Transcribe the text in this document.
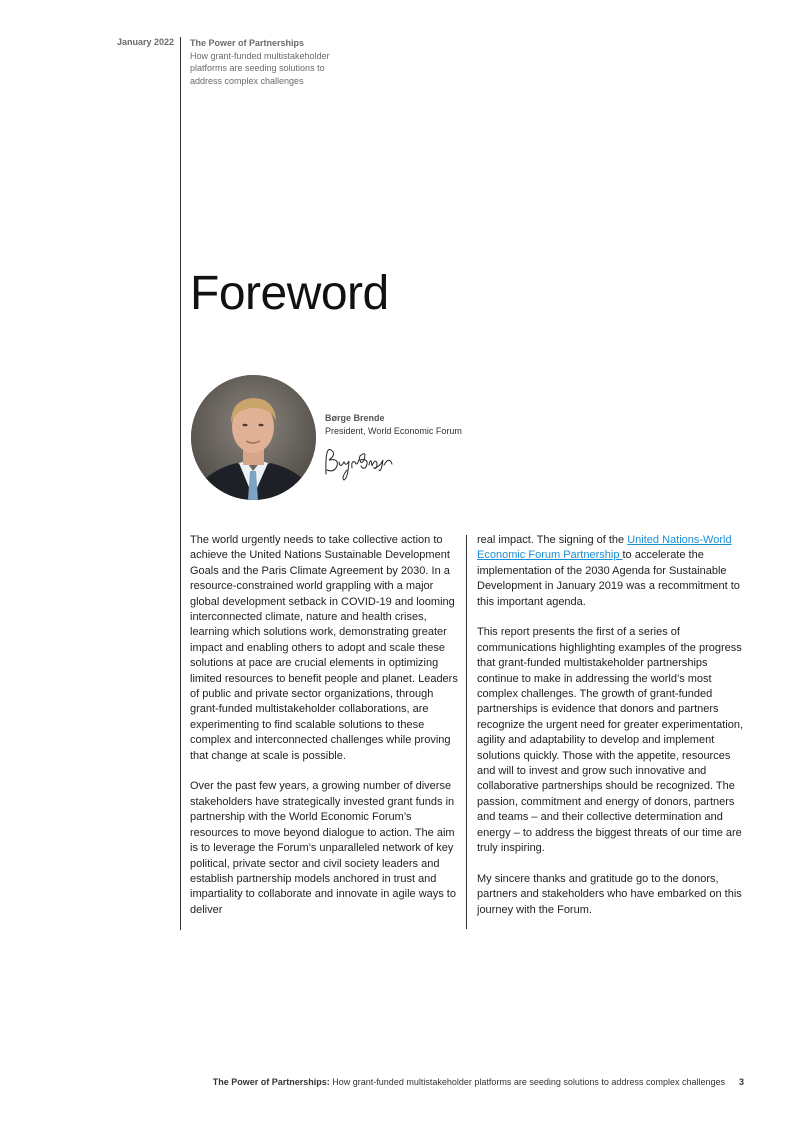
January 2022 The Power of Partnerships
How grant-funded multistakeholder
platforms are seeding solutions to
address complex challenges
Foreword
Børge Brende
President, World Economic Forum

The world urgently needs to take collective action to achieve the United Nations Sustainable Development Goals and the Paris Climate Agreement by 2030. In a resource-constrained world grappling with a major global development setback in COVID-19 and looming interconnected climate, nature and health crises, learning which solutions work, demonstrating greater impact and enabling others to adopt and scale these solutions at pace are crucial elements in optimizing limited resources to benefit people and planet. Leaders of public and private sector organizations, through grant-funded multistakeholder collaborations, are experimenting to find scalable solutions to these complex and interconnected challenges while proving that change at scale is possible.

Over the past few years, a growing number of diverse stakeholders have strategically invested grant funds in partnership with the World Economic Forum’s resources to move beyond dialogue to action. The aim is to leverage the Forum’s unparalleled network of key political, private sector and civil society leaders and establish partnership models anchored in trust and impartiality to collaborate and innovate in agile ways to deliver

real impact. The signing of the United Nations-World Economic Forum Partnership to accelerate the implementation of the 2030 Agenda for Sustainable Development in January 2019 was a recommitment to this important agenda.

This report presents the first of a series of communications highlighting examples of the progress that grant-funded multistakeholder partnerships continue to make in addressing the world’s most complex challenges. The growth of grant-funded partnerships is evidence that donors and partners recognize the urgent need for greater experimentation, agility and adaptability to develop and implement solutions quickly. Those with the appetite, resources and will to invest and grow such innovative and collaborative partnerships should be recognized. The passion, commitment and energy of donors, partners and teams – and their collective determination and energy – to address the biggest threats of our time are truly inspiring.

My sincere thanks and gratitude go to the donors, partners and stakeholders who have embarked on this journey with the Forum.

The Power of Partnerships: How grant-funded multistakeholder platforms are seeding solutions to address complex challenges 3
